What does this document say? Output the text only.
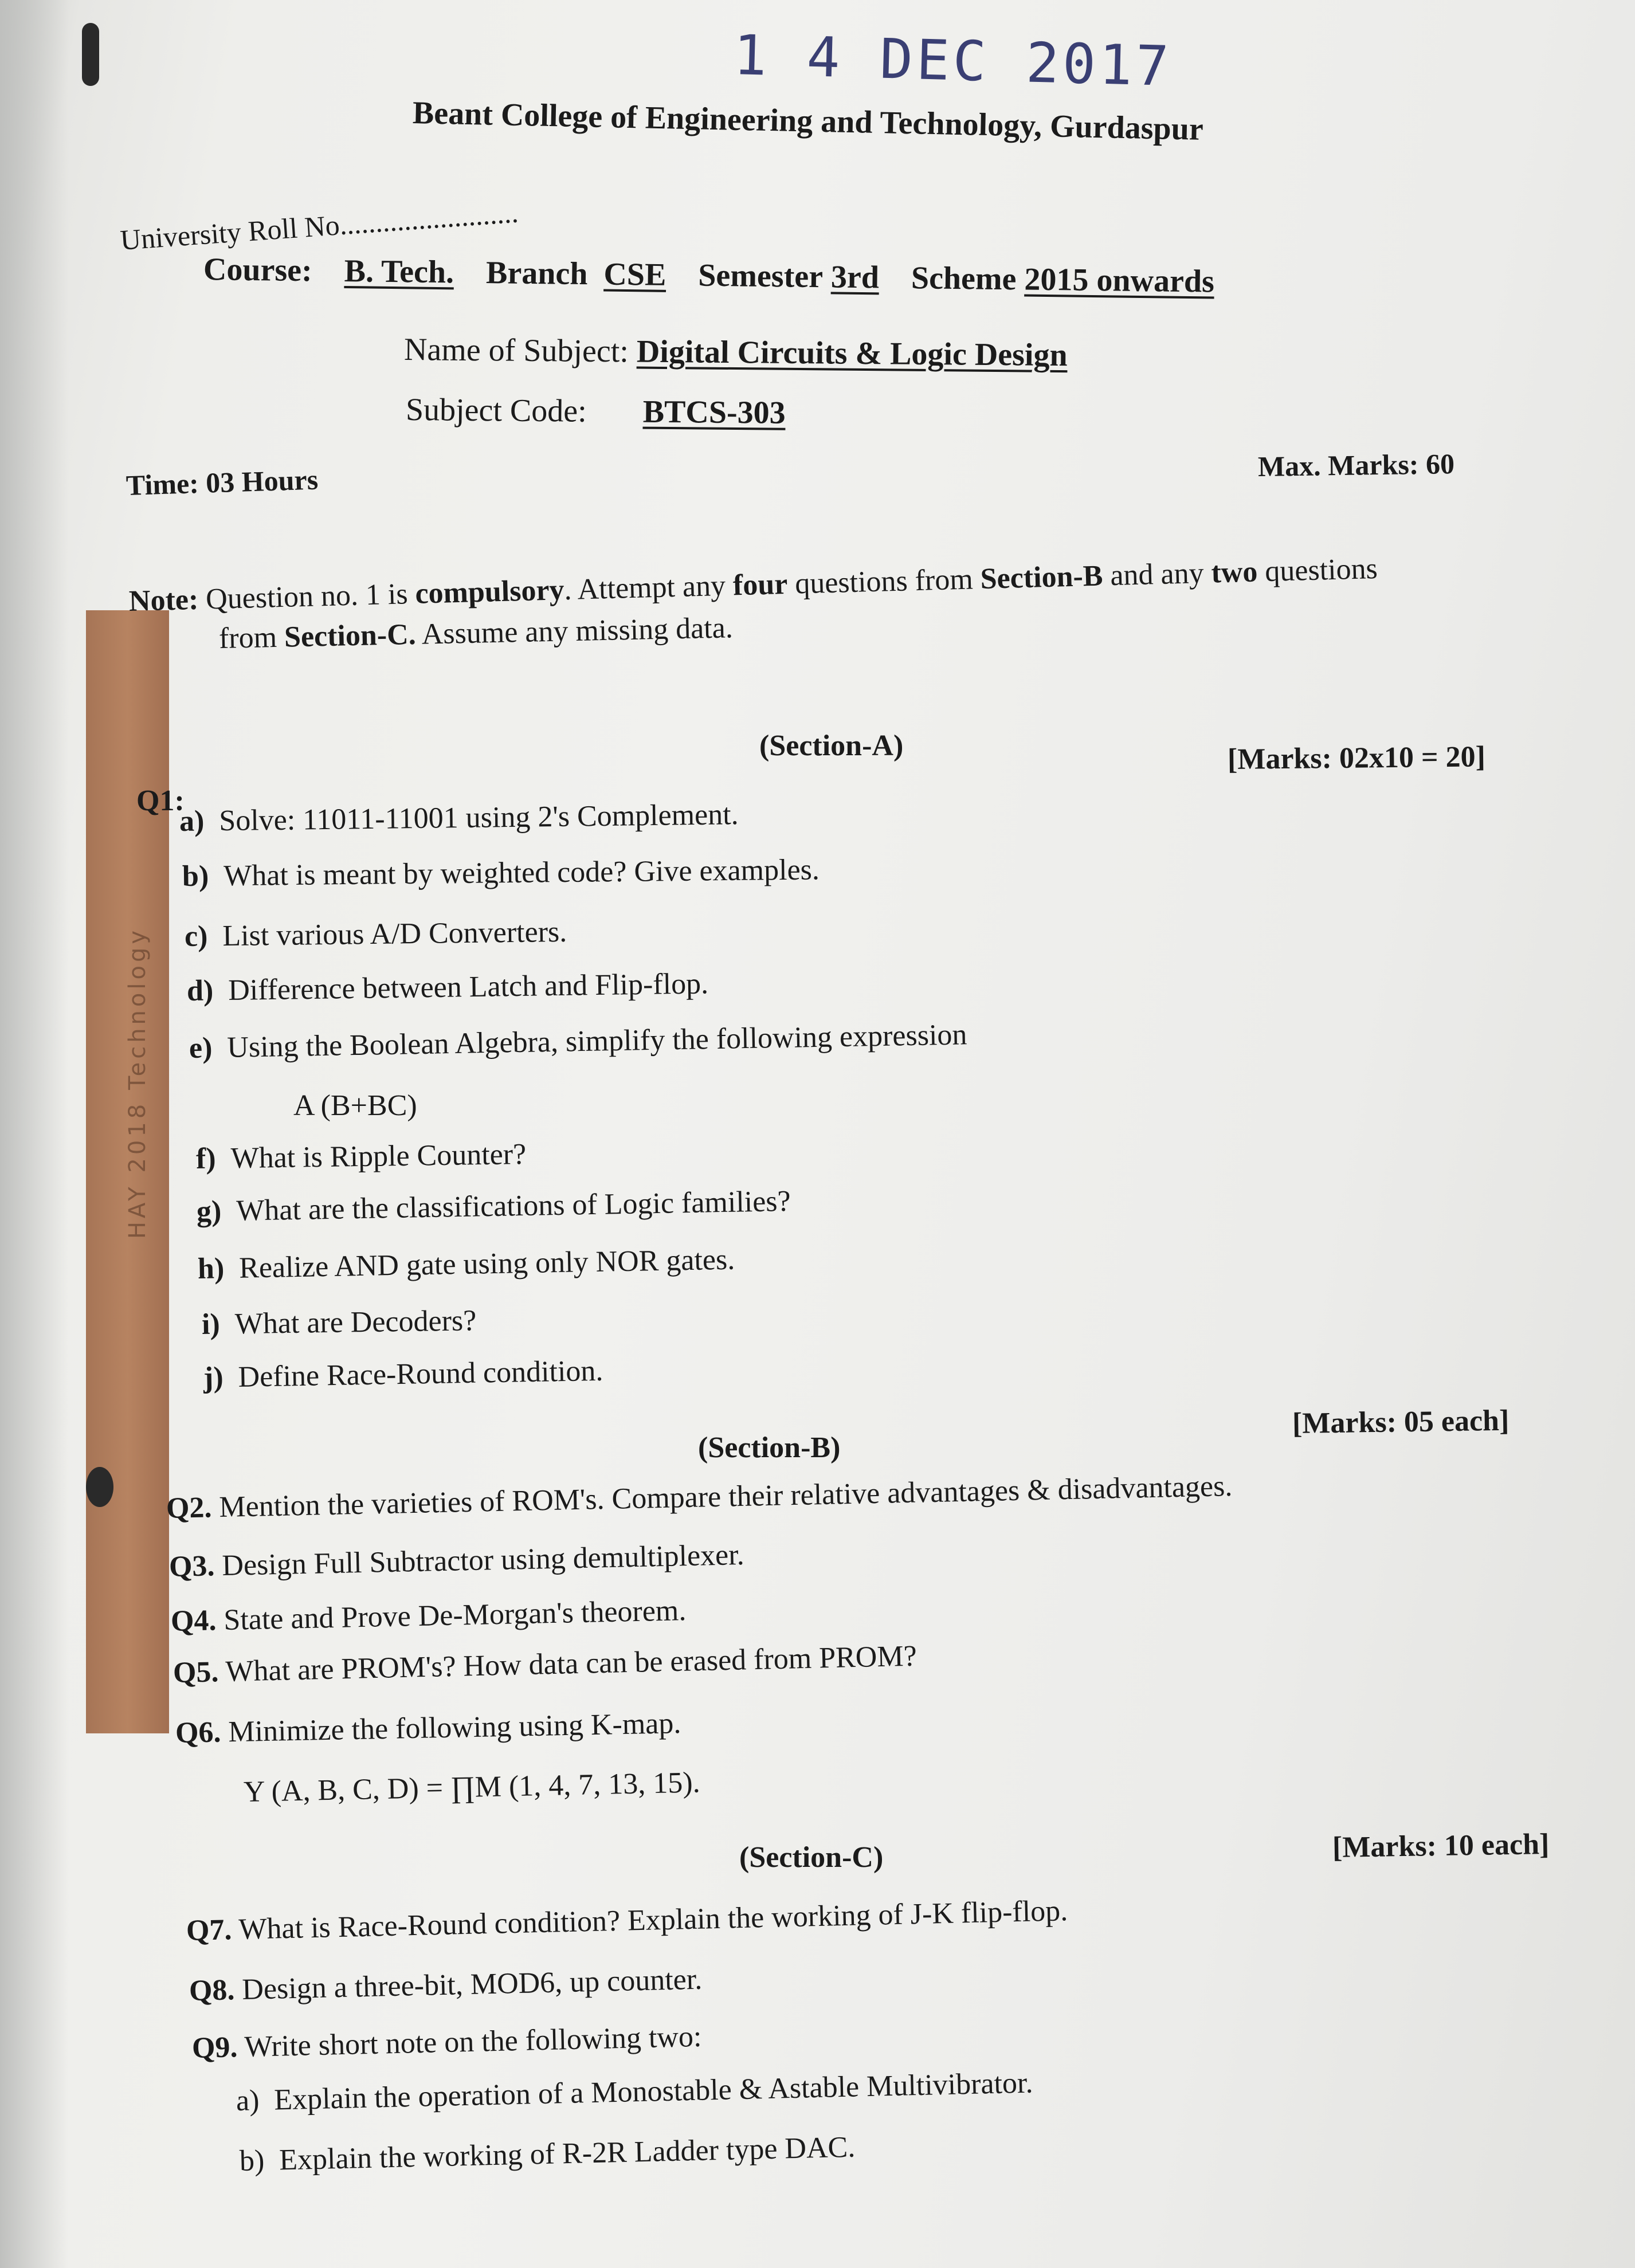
HAY 2018 Technology
1 4 DEC 2017
Beant College of Engineering and Technology, Gurdaspur
University Roll No.........................
Course: B. Tech. Branch CSE Semester 3rd Scheme 2015 onwards
Name of Subject: Digital Circuits & Logic Design
Subject Code: BTCS-303
Time: 03 Hours	Max. Marks: 60
Note: Question no. 1 is compulsory. Attempt any four questions from Section-B and any two questions
from Section-C. Assume any missing data.
(Section-A)	[Marks: 02x10 = 20]
Q1:
a) Solve: 11011-11001 using 2's Complement.
b) What is meant by weighted code? Give examples.
c) List various A/D Converters.
d) Difference between Latch and Flip-flop.
e) Using the Boolean Algebra, simplify the following expression
A (B+BC)
f) What is Ripple Counter?
g) What are the classifications of Logic families?
h) Realize AND gate using only NOR gates.
i) What are Decoders?
j) Define Race-Round condition.
(Section-B)
[Marks: 05 each]
Q2. Mention the varieties of ROM's. Compare their relative advantages & disadvantages.
Q3. Design Full Subtractor using demultiplexer.
Q4. State and Prove De-Morgan's theorem.
Q5. What are PROM's? How data can be erased from PROM?
Q6. Minimize the following using K-map.
Y (A, B, C, D) = ∏M (1, 4, 7, 13, 15).
(Section-C)	[Marks: 10 each]
Q7. What is Race-Round condition? Explain the working of J-K flip-flop.
Q8. Design a three-bit, MOD6, up counter.
Q9. Write short note on the following two:
a) Explain the operation of a Monostable & Astable Multivibrator.
b) Explain the working of R-2R Ladder type DAC.
